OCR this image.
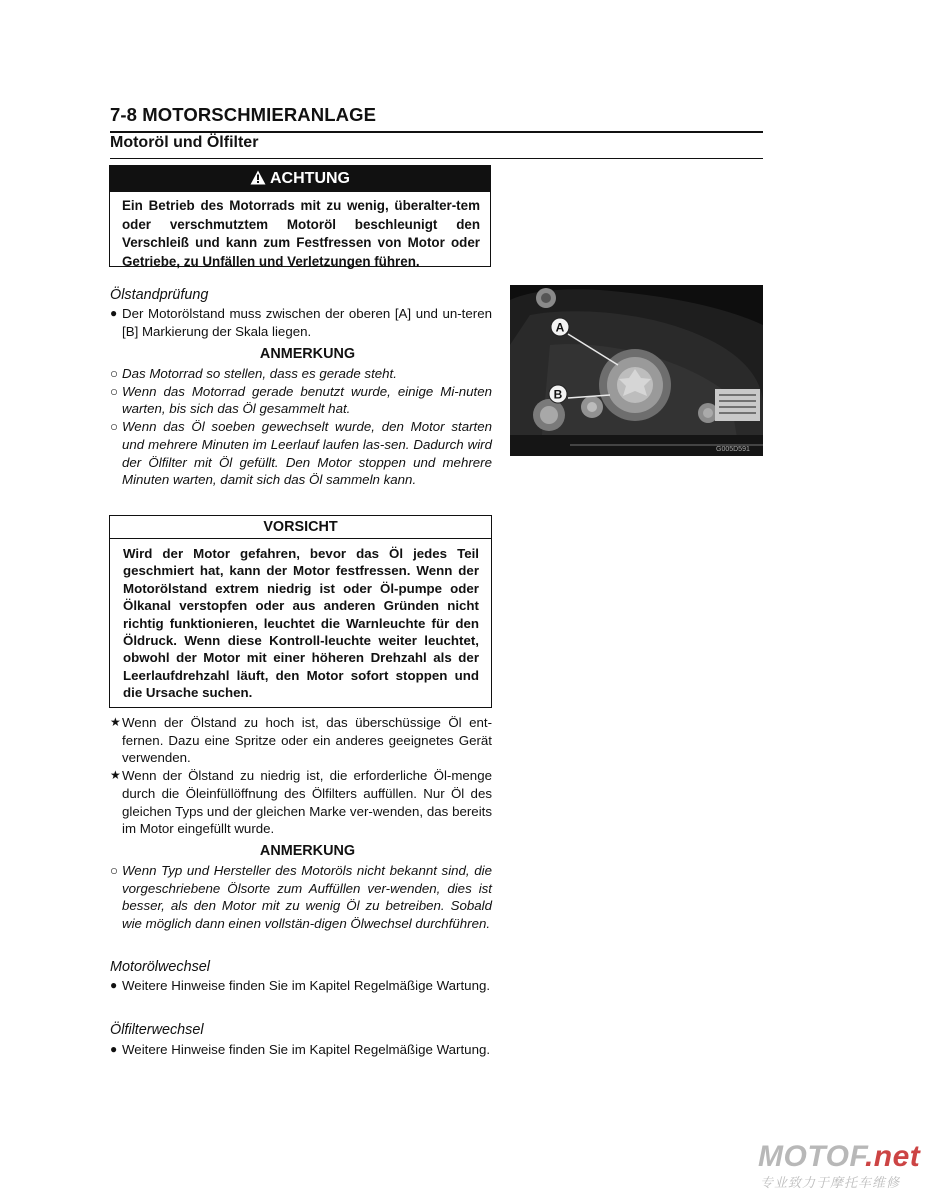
7-8 MOTORSCHMIERANLAGE
Motoröl und Ölfilter
ACHTUNG
Ein Betrieb des Motorrads mit zu wenig, überalter-tem oder verschmutztem Motoröl beschleunigt den Verschleiß und kann zum Festfressen von Motor oder Getriebe, zu Unfällen und Verletzungen führen.
Ölstandprüfung
● Der Motorölstand muss zwischen der oberen [A] und un-teren [B] Markierung der Skala liegen.
ANMERKUNG
○ Das Motorrad so stellen, dass es gerade steht.
○ Wenn das Motorrad gerade benutzt wurde, einige Mi-nuten warten, bis sich das Öl gesammelt hat.
○ Wenn das Öl soeben gewechselt wurde, den Motor starten und mehrere Minuten im Leerlauf laufen las-sen. Dadurch wird der Ölfilter mit Öl gefüllt. Den Motor stoppen und mehrere Minuten warten, damit sich das Öl sammeln kann.
VORSICHT
Wird der Motor gefahren, bevor das Öl jedes Teil geschmiert hat, kann der Motor festfressen. Wenn der Motorölstand extrem niedrig ist oder Öl-pumpe oder Ölkanal verstopfen oder aus anderen Gründen nicht richtig funktionieren, leuchtet die Warnleuchte für den Öldruck. Wenn diese Kontroll-leuchte weiter leuchtet, obwohl der Motor mit einer höheren Drehzahl als der Leerlaufdrehzahl läuft, den Motor sofort stoppen und die Ursache suchen.
★ Wenn der Ölstand zu hoch ist, das überschüssige Öl ent-fernen. Dazu eine Spritze oder ein anderes geeignetes Gerät verwenden.
★ Wenn der Ölstand zu niedrig ist, die erforderliche Öl-menge durch die Öleinfüllöffnung des Ölfilters auffüllen. Nur Öl des gleichen Typs und der gleichen Marke ver-wenden, das bereits im Motor eingefüllt wurde.
ANMERKUNG
○ Wenn Typ und Hersteller des Motoröls nicht bekannt sind, die vorgeschriebene Ölsorte zum Auffüllen ver-wenden, dies ist besser, als den Motor mit zu wenig Öl zu betreiben. Sobald wie möglich dann einen vollstän-digen Ölwechsel durchführen.
Motorölwechsel
● Weitere Hinweise finden Sie im Kapitel Regelmäßige Wartung.
Ölfilterwechsel
● Weitere Hinweise finden Sie im Kapitel Regelmäßige Wartung.
A
B
G005D591
MOTOF.net
专业致力于摩托车维修
